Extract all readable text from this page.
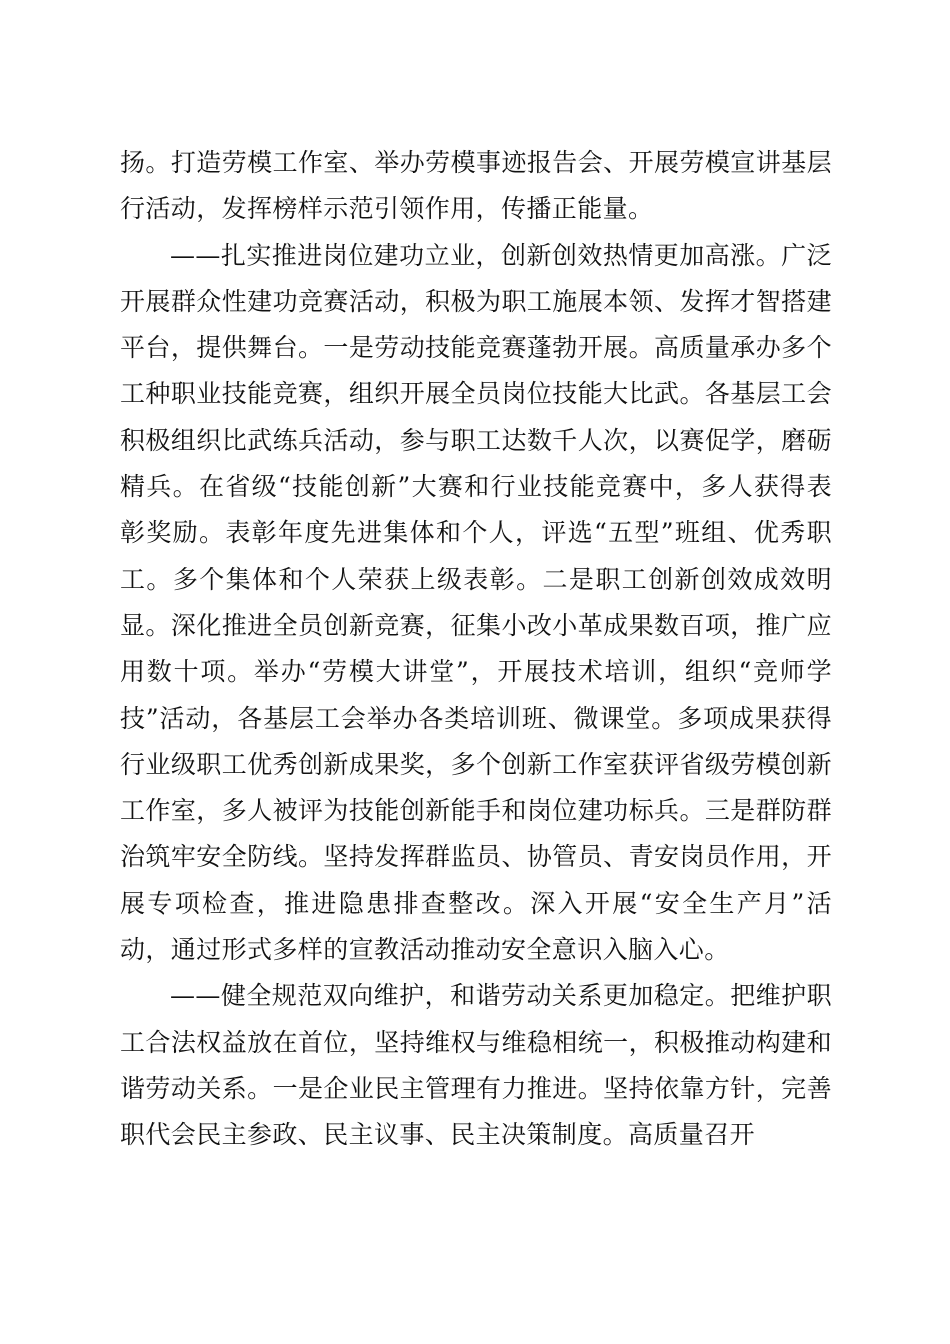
扬。打造劳模工作室、举办劳模事迹报告会、开展劳模宣讲基层行活动，发挥榜样示范引领作用，传播正能量。

——扎实推进岗位建功立业，创新创效热情更加高涨。广泛开展群众性建功竞赛活动，积极为职工施展本领、发挥才智搭建平台，提供舞台。一是劳动技能竞赛蓬勃开展。高质量承办多个工种职业技能竞赛，组织开展全员岗位技能大比武。各基层工会积极组织比武练兵活动，参与职工达数千人次，以赛促学，磨砺精兵。在省级“技能创新”大赛和行业技能竞赛中，多人获得表彰奖励。表彰年度先进集体和个人，评选“五型”班组、优秀职工。多个集体和个人荣获上级表彰。二是职工创新创效成效明显。深化推进全员创新竞赛，征集小改小革成果数百项，推广应用数十项。举办“劳模大讲堂”，开展技术培训，组织“竞师学技”活动，各基层工会举办各类培训班、微课堂。多项成果获得行业级职工优秀创新成果奖，多个创新工作室获评省级劳模创新工作室，多人被评为技能创新能手和岗位建功标兵。三是群防群治筑牢安全防线。坚持发挥群监员、协管员、青安岗员作用，开展专项检查，推进隐患排查整改。深入开展“安全生产月”活动，通过形式多样的宣教活动推动安全意识入脑入心。

——健全规范双向维护，和谐劳动关系更加稳定。把维护职工合法权益放在首位，坚持维权与维稳相统一，积极推动构建和谐劳动关系。一是企业民主管理有力推进。坚持依靠方针，完善职代会民主参政、民主议事、民主决策制度。高质量召开
